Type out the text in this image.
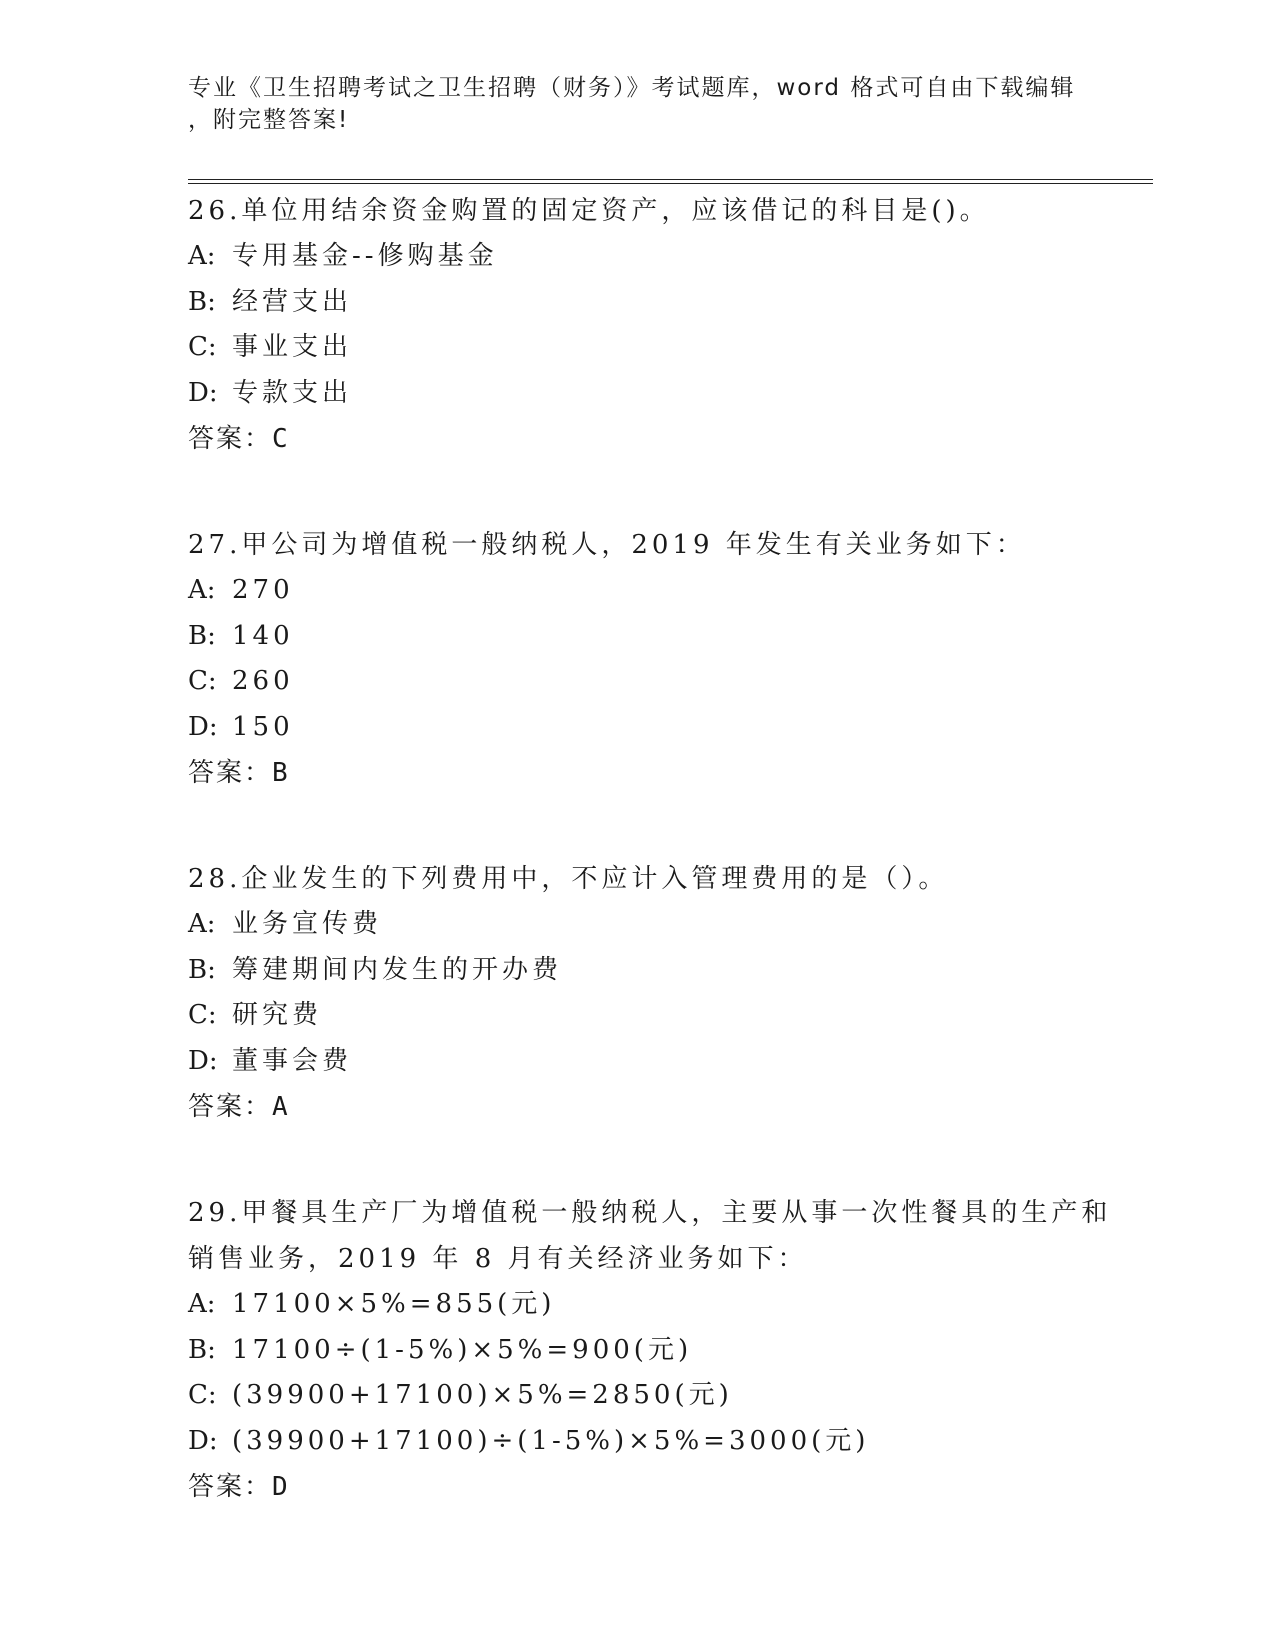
专业《卫生招聘考试之卫生招聘（财务）》考试题库，word 格式可自由下载编辑
，附完整答案!
26.单位用结余资金购置的固定资产，应该借记的科目是()。
A: 专用基金--修购基金
B: 经营支出
C: 事业支出
D: 专款支出
答案：C
27.甲公司为增值税一般纳税人，2019 年发生有关业务如下：
A: 270
B: 140
C: 260
D: 150
答案：B
28.企业发生的下列费用中，不应计入管理费用的是（）。
A: 业务宣传费
B: 筹建期间内发生的开办费
C: 研究费
D: 董事会费
答案：A
29.甲餐具生产厂为增值税一般纳税人，主要从事一次性餐具的生产和
销售业务，2019 年 8 月有关经济业务如下：
A: 17100×5%=855(元)
B: 17100÷(1-5%)×5%=900(元)
C: (39900+17100)×5%=2850(元)
D: (39900+17100)÷(1-5%)×5%=3000(元)
答案：D
